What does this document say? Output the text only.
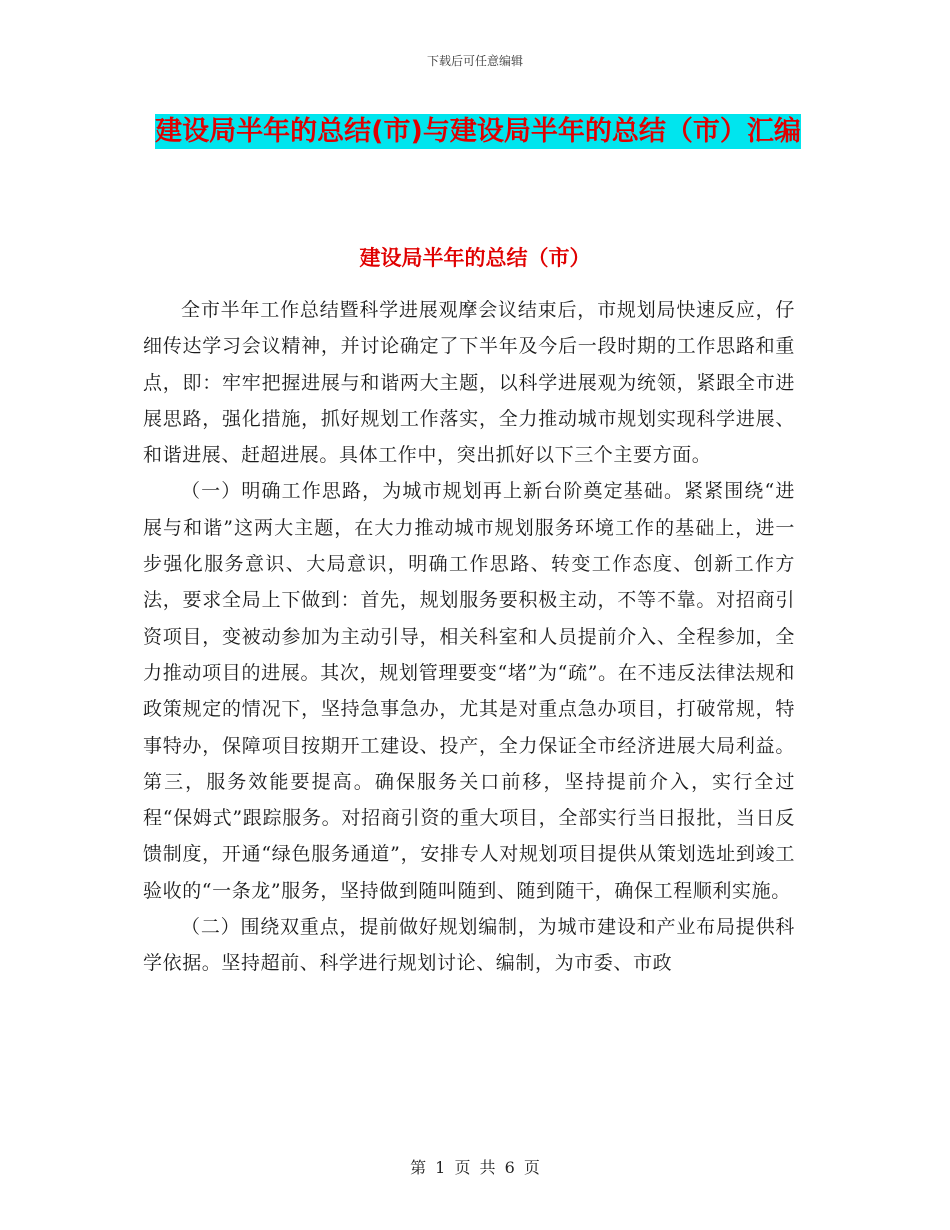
下载后可任意编辑
建设局半年的总结(市)与建设局半年的总结（市）汇编
建设局半年的总结（市）

全市半年工作总结暨科学进展观摩会议结束后，市规划局快速反应，仔细传达学习会议精神，并讨论确定了下半年及今后一段时期的工作思路和重点，即：牢牢把握进展与和谐两大主题，以科学进展观为统领，紧跟全市进展思路，强化措施，抓好规划工作落实，全力推动城市规划实现科学进展、和谐进展、赶超进展。具体工作中，突出抓好以下三个主要方面。

（一）明确工作思路，为城市规划再上新台阶奠定基础。紧紧围绕“进展与和谐”这两大主题，在大力推动城市规划服务环境工作的基础上，进一步强化服务意识、大局意识，明确工作思路、转变工作态度、创新工作方法，要求全局上下做到：首先，规划服务要积极主动，不等不靠。对招商引资项目，变被动参加为主动引导，相关科室和人员提前介入、全程参加，全力推动项目的进展。其次，规划管理要变“堵”为“疏”。在不违反法律法规和政策规定的情况下，坚持急事急办，尤其是对重点急办项目，打破常规，特事特办，保障项目按期开工建设、投产，全力保证全市经济进展大局利益。第三，服务效能要提高。确保服务关口前移，坚持提前介入，实行全过程“保姆式”跟踪服务。对招商引资的重大项目，全部实行当日报批，当日反馈制度，开通“绿色服务通道”，安排专人对规划项目提供从策划选址到竣工验收的“一条龙”服务，坚持做到随叫随到、随到随干，确保工程顺利实施。

（二）围绕双重点，提前做好规划编制，为城市建设和产业布局提供科学依据。坚持超前、科学进行规划讨论、编制，为市委、市政

第 1 页 共 6 页
